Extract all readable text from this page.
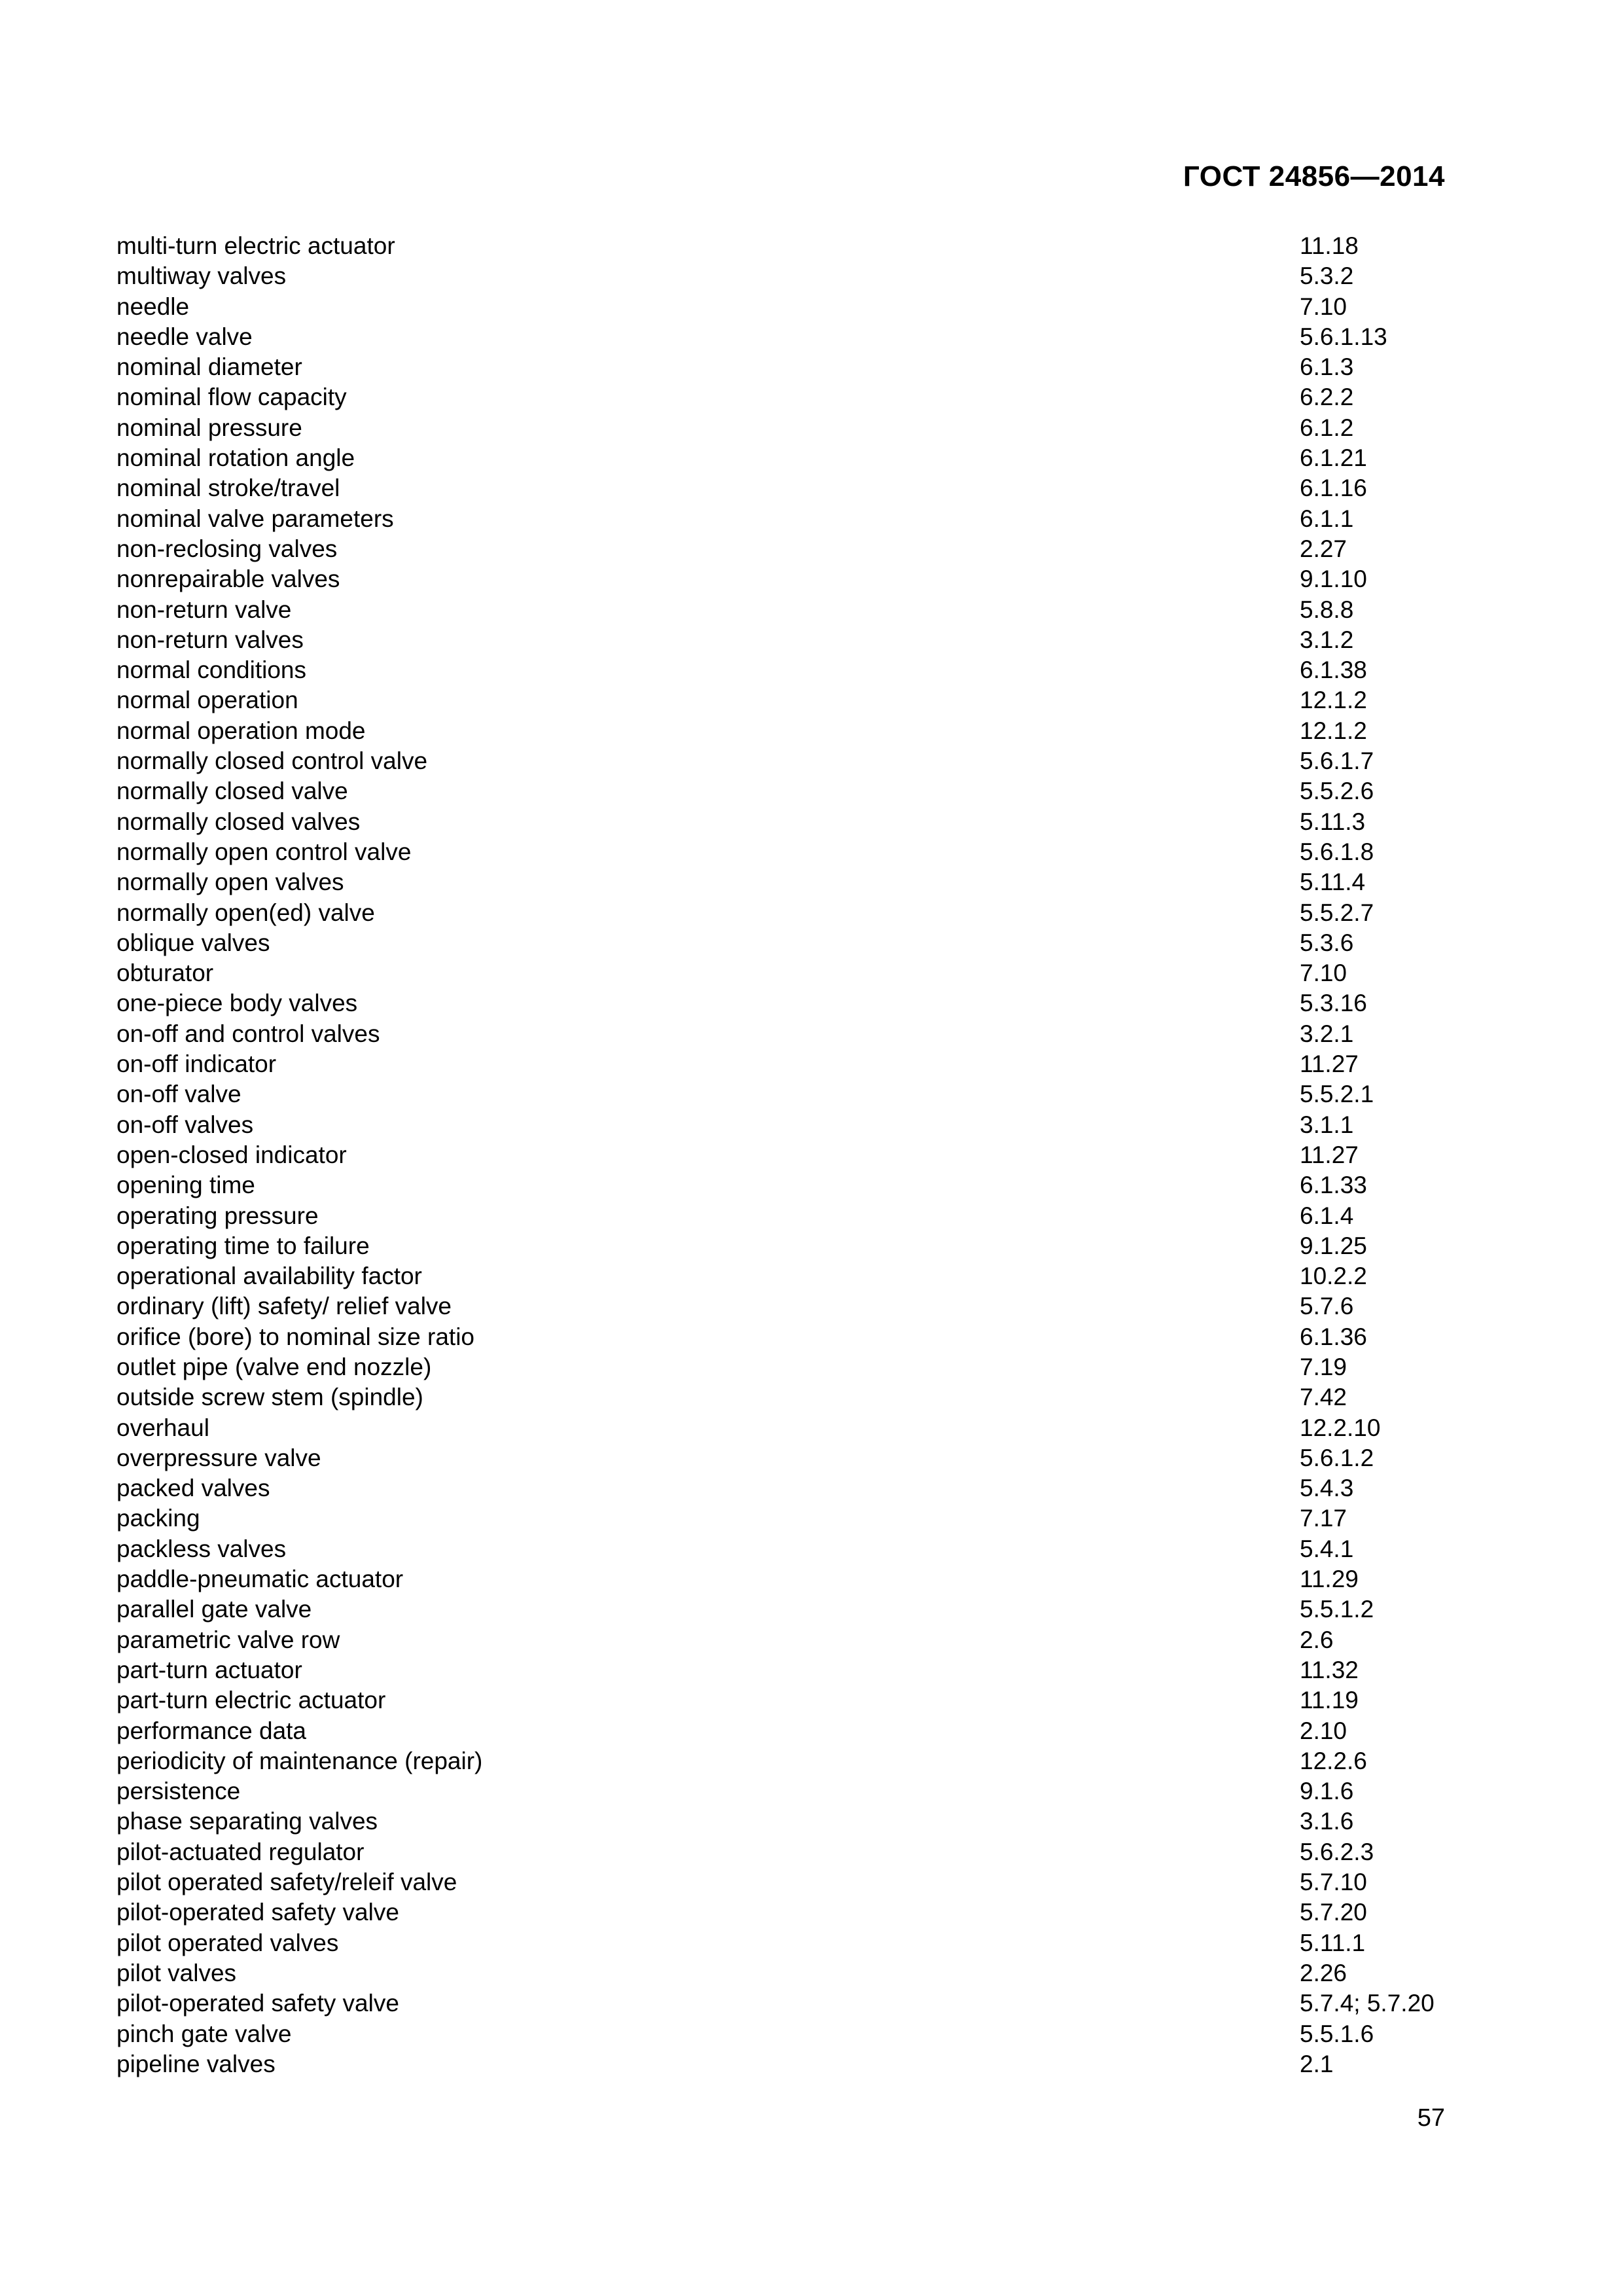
ГОСТ 24856—2014
multi-turn electric actuator	11.18
multiway valves	5.3.2
needle	7.10
needle valve	5.6.1.13
nominal diameter	6.1.3
nominal flow capacity	6.2.2
nominal pressure	6.1.2
nominal rotation angle	6.1.21
nominal stroke/travel	6.1.16
nominal valve parameters	6.1.1
non-reclosing valves	2.27
nonrepairable valves	9.1.10
non-return valve	5.8.8
non-return valves	3.1.2
normal conditions	6.1.38
normal operation	12.1.2
normal operation mode	12.1.2
normally closed control valve	5.6.1.7
normally closed valve	5.5.2.6
normally closed valves	5.11.3
normally open control valve	5.6.1.8
normally open valves	5.11.4
normally open(ed) valve	5.5.2.7
oblique valves	5.3.6
obturator	7.10
one-piece body valves	5.3.16
on-off and control valves	3.2.1
on-off indicator	11.27
on-off valve	5.5.2.1
on-off valves	3.1.1
open-closed indicator	11.27
opening time	6.1.33
operating pressure	6.1.4
operating time to failure	9.1.25
operational availability factor	10.2.2
ordinary (lift) safety/ relief valve	5.7.6
orifice (bore) to nominal size ratio	6.1.36
outlet pipe (valve end nozzle)	7.19
outside screw stem (spindle)	7.42
overhaul	12.2.10
overpressure valve	5.6.1.2
packed valves	5.4.3
packing	7.17
packless valves	5.4.1
paddle-pneumatic actuator	11.29
parallel gate valve	5.5.1.2
parametric valve row	2.6
part-turn actuator	11.32
part-turn electric actuator	11.19
performance data	2.10
periodicity of maintenance (repair)	12.2.6
persistence	9.1.6
phase separating valves	3.1.6
pilot-actuated regulator	5.6.2.3
pilot operated safety/releif valve	5.7.10
pilot-operated safety valve	5.7.20
pilot operated valves	5.11.1
pilot valves	2.26
pilot-operated safety valve	5.7.4; 5.7.20
pinch gate valve	5.5.1.6
pipeline valves	2.1
57
